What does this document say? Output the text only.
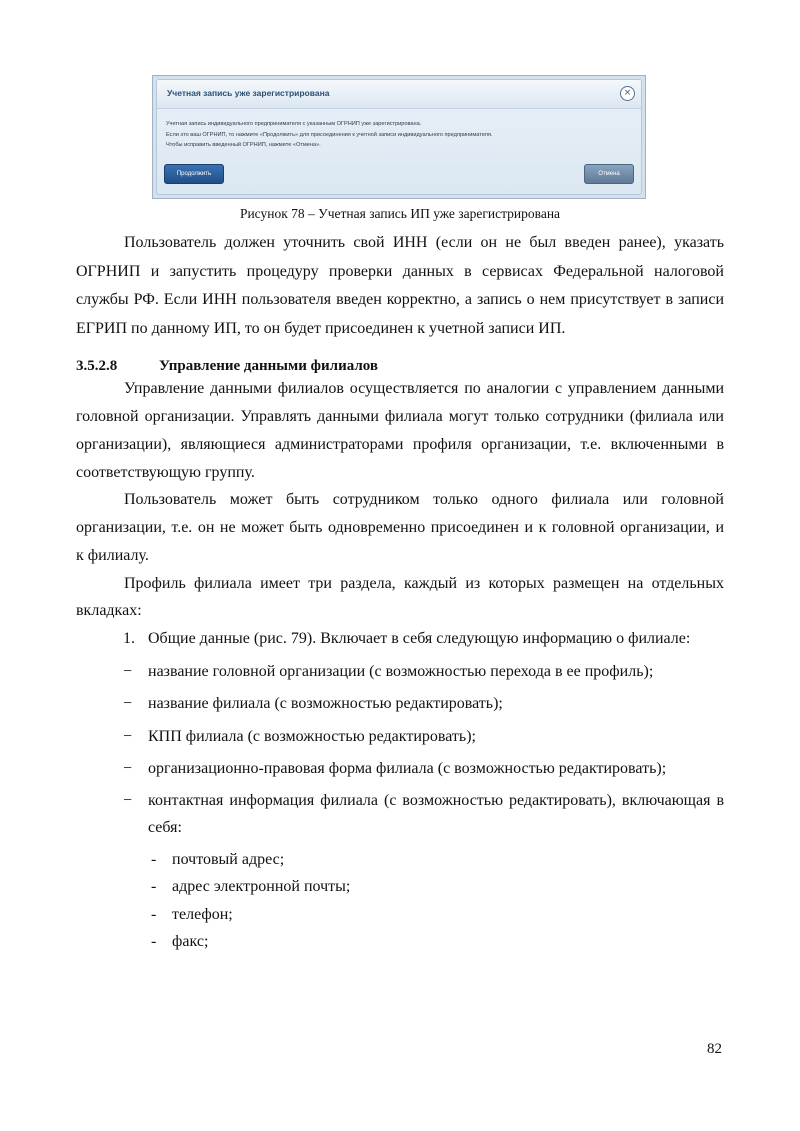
Учетная запись уже зарегистрирована	×
Учетная запись индивидуального предпринимателя с указанным ОГРНИП уже зарегистрирована.
Если это ваш ОГРНИП, то нажмите «Продолжить» для присоединения к учетной записи индивидуального предпринимателя.
Чтобы исправить введенный ОГРНИП, нажмите «Отмена».
Продолжить	Отмена
Рисунок 78 – Учетная запись ИП уже зарегистрирована
Пользователь должен уточнить свой ИНН (если он не был введен ранее), указать
ОГРНИП и запустить процедуру проверки данных в сервисах Федеральной налоговой
службы РФ. Если ИНН пользователя введен корректно, а запись о нем присутствует в записи
ЕГРИП по данному ИП, то он будет присоединен к учетной записи ИП.
3.5.2.8	Управление данными филиалов
Управление данными филиалов осуществляется по аналогии с управлением данными
головной организации. Управлять данными филиала могут только сотрудники (филиала или
организации), являющиеся администраторами профиля организации, т.е. включенными в
соответствующую группу.
Пользователь может быть сотрудником только одного филиала или головной
организации, т.е. он не может быть одновременно присоединен и к головной организации, и
к филиалу.
Профиль филиала имеет три раздела, каждый из которых размещен на отдельных
вкладках:
1. Общие данные (рис. 79). Включает в себя следующую информацию о филиале:
− название головной организации (с возможностью перехода в ее профиль);
− название филиала (с возможностью редактировать);
− КПП филиала (с возможностью редактировать);
− организационно-правовая форма филиала (с возможностью редактировать);
− контактная информация филиала (с возможностью редактировать), включающая в
себя:
- почтовый адрес;
- адрес электронной почты;
- телефон;
- факс;
82
